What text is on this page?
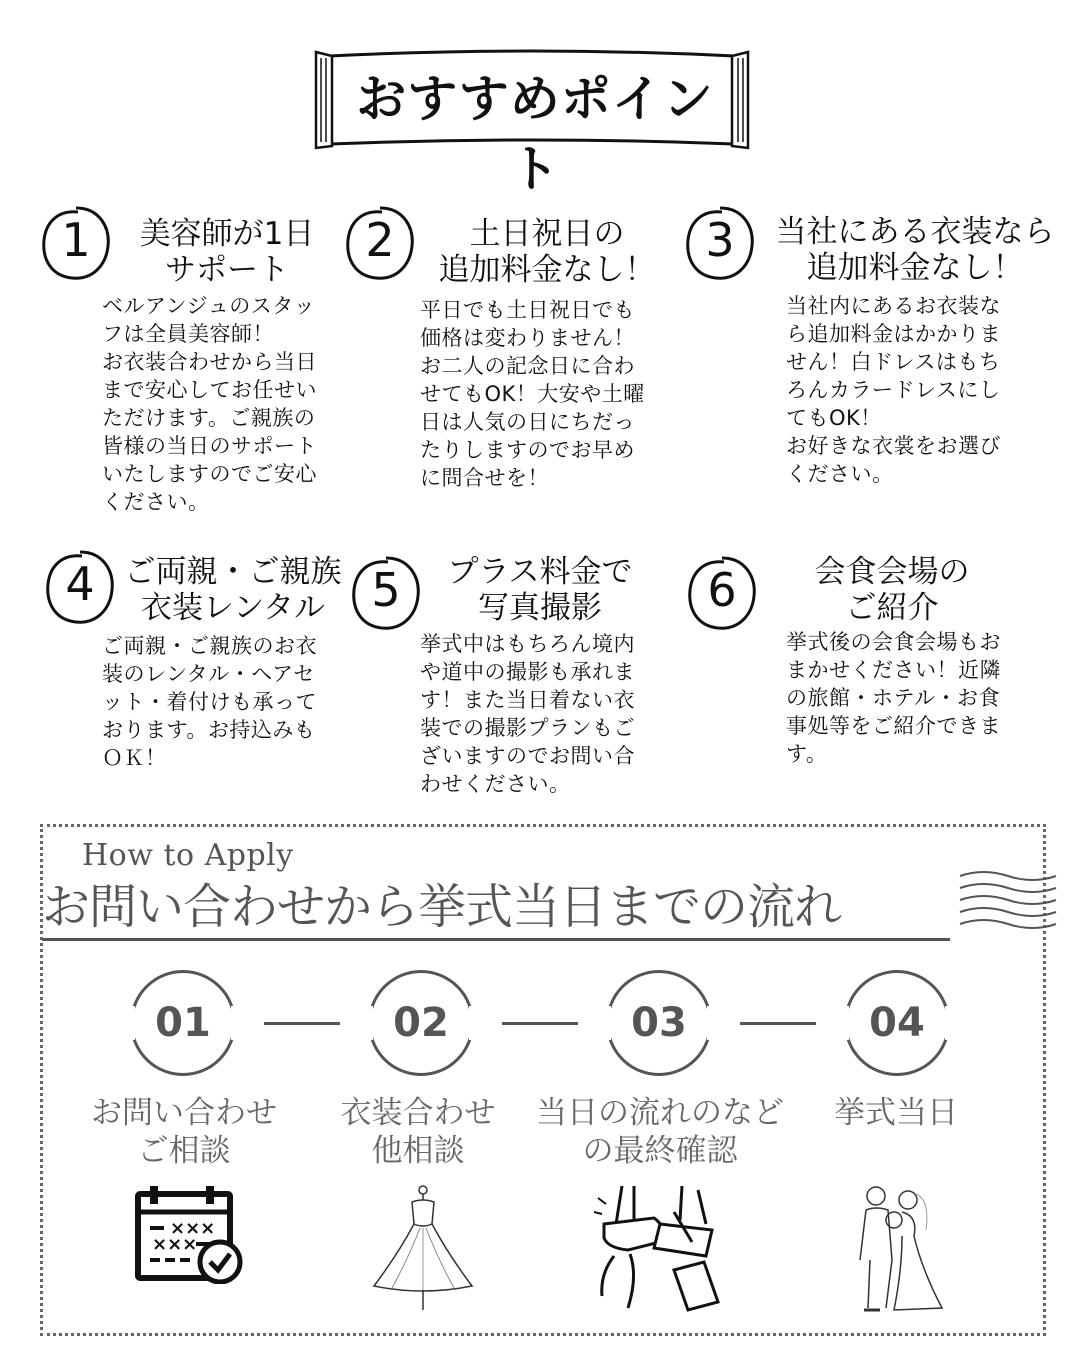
おすすめポイント
1	美容師が1日
サポート
ベルアンジュのスタッ
フは全員美容師！
お衣装合わせから当日
まで安心してお任せい
ただけます。ご親族の
皆様の当日のサポート
いたしますのでご安心
ください。
2	土日祝日の
追加料金なし！
平日でも土日祝日でも
価格は変わりません！
お二人の記念日に合わ
せてもOK！大安や土曜
日は人気の日にちだっ
たりしますのでお早め
に問合せを！
3	当社にある衣装なら
追加料金なし！
当社内にあるお衣装な
ら追加料金はかかりま
せん！白ドレスはもち
ろんカラードレスにし
てもOK！
お好きな衣裳をお選び
ください。
4 ご両親・ご親族
衣装レンタル
ご両親・ご親族のお衣
装のレンタル・ヘアセ
ット・着付けも承って
おります。お持込みも
ＯＫ！
5	プラス料金で
写真撮影
挙式中はもちろん境内
や道中の撮影も承れま
す！また当日着ない衣
装での撮影プランもご
ざいますのでお問い合
わせください。
6	会食会場の
ご紹介
挙式後の会食会場もお
まかせください！近隣
の旅館・ホテル・お食
事処等をご紹介できま
す。
How to Apply
お問い合わせから挙式当日までの流れ
01	02	03	04
お問い合わせ
ご相談
衣装合わせ
他相談
当日の流れのなど
の最終確認
挙式当日
×××
×××
